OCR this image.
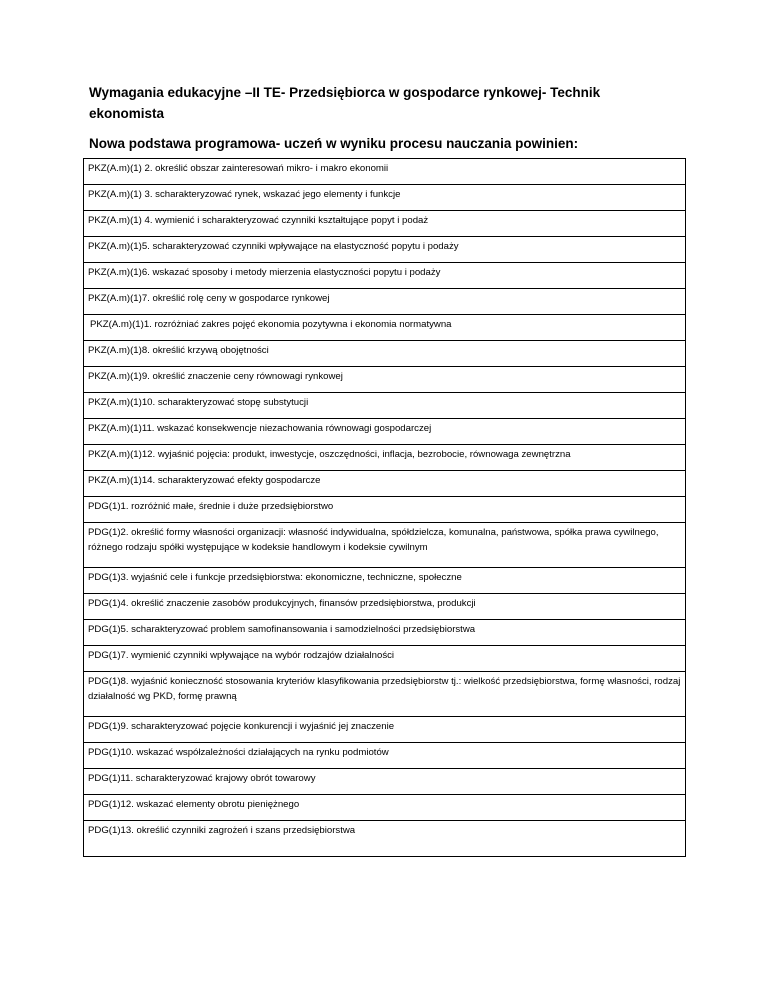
Wymagania edukacyjne –II TE- Przedsiębiorca w gospodarce rynkowej- Technik ekonomista

Nowa podstawa programowa- uczeń w wyniku procesu nauczania powinien:

PKZ(A.m)(1) 2. określić obszar zainteresowań mikro- i makro ekonomii
PKZ(A.m)(1) 3. scharakteryzować rynek, wskazać jego elementy i funkcje
PKZ(A.m)(1) 4. wymienić i scharakteryzować czynniki kształtujące popyt i podaż
PKZ(A.m)(1)5. scharakteryzować czynniki wpływające na elastyczność popytu i podaży
PKZ(A.m)(1)6. wskazać sposoby i metody mierzenia elastyczności popytu i podaży
PKZ(A.m)(1)7. określić rolę ceny w gospodarce rynkowej
PKZ(A.m)(1)1. rozróżniać zakres pojęć ekonomia pozytywna i ekonomia normatywna
PKZ(A.m)(1)8. określić krzywą obojętności
PKZ(A.m)(1)9. określić znaczenie ceny równowagi rynkowej
PKZ(A.m)(1)10. scharakteryzować stopę substytucji
PKZ(A.m)(1)11. wskazać konsekwencje niezachowania równowagi gospodarczej
PKZ(A.m)(1)12. wyjaśnić pojęcia: produkt, inwestycje, oszczędności, inflacja, bezrobocie, równowaga zewnętrzna
PKZ(A.m)(1)14. scharakteryzować efekty gospodarcze
PDG(1)1. rozróżnić małe, średnie i duże przedsiębiorstwo
PDG(1)2. określić formy własności organizacji: własność indywidualna, spółdzielcza, komunalna, państwowa, spółka prawa cywilnego, różnego rodzaju spółki występujące w kodeksie handlowym i kodeksie cywilnym
PDG(1)3. wyjaśnić cele i funkcje przedsiębiorstwa: ekonomiczne, techniczne, społeczne
PDG(1)4. określić znaczenie zasobów produkcyjnych, finansów przedsiębiorstwa, produkcji
PDG(1)5. scharakteryzować problem samofinansowania i samodzielności przedsiębiorstwa
PDG(1)7. wymienić czynniki wpływające na wybór rodzajów działalności
PDG(1)8. wyjaśnić konieczność stosowania kryteriów klasyfikowania przedsiębiorstw tj.: wielkość przedsiębiorstwa, formę własności, rodzaj działalność wg PKD, formę prawną
PDG(1)9. scharakteryzować pojęcie konkurencji i wyjaśnić jej znaczenie
PDG(1)10. wskazać współzależności działających na rynku podmiotów
PDG(1)11. scharakteryzować krajowy obrót towarowy
PDG(1)12. wskazać elementy obrotu pieniężnego
PDG(1)13. określić czynniki zagrożeń i szans przedsiębiorstwa
